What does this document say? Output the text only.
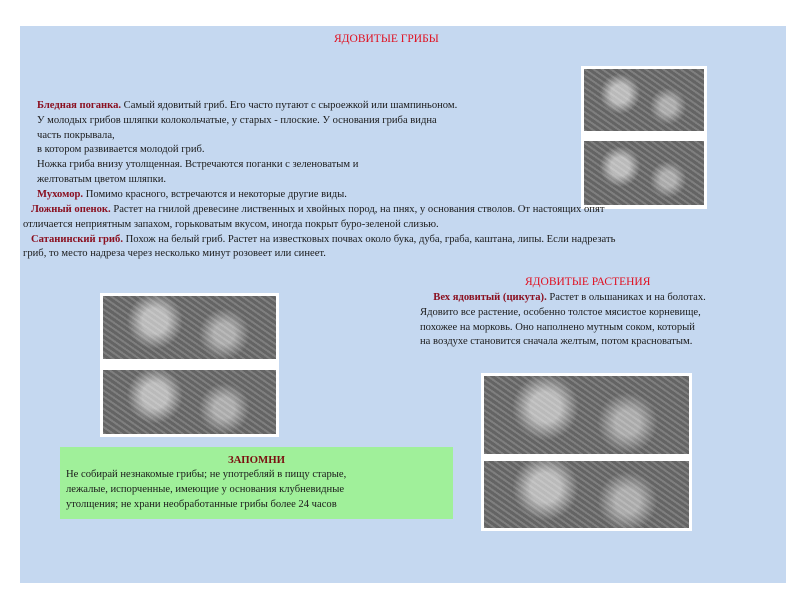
ЯДОВИТЫЕ ГРИБЫ
Бледная поганка. Самый ядовитый гриб. Его часто путают с сыроежкой или шампиньоном.
У молодых грибов шляпки колокольчатые, у старых - плоские. У основания гриба видна
часть покрывала,
в котором развивается молодой гриб.
Ножка гриба внизу утолщенная. Встречаются поганки с зеленоватым и
желтоватым цветом шляпки.
Мухомор. Помимо красного, встречаются и некоторые другие виды.
Ложный опенок. Растет на гнилой древесине лиственных и хвойных пород, на пнях, у основания стволов. От настоящих опят
отличается неприятным запахом, горьковатым вкусом, иногда покрыт буро-зеленой слизью.
Сатанинский гриб. Похож на белый гриб. Растет на известковых почвах около бука, дуба, граба, каштана, липы. Если надрезать
гриб, то место надреза через несколько минут розовеет или синеет.
ЯДОВИТЫЕ РАСТЕНИЯ
Вех ядовитый (цикута). Растет в ольшаниках и на болотах.
Ядовито все растение, особенно толстое мясистое корневище,
похожее на морковь. Оно наполнено мутным соком, который
на воздухе становится сначала желтым, потом красноватым.
ЗАПОМНИ
Не собирай незнакомые грибы; не употребляй в пищу старые,
лежалые, испорченные, имеющие у основания клубневидные
утолщения; не храни необработанные грибы более 24 часов
